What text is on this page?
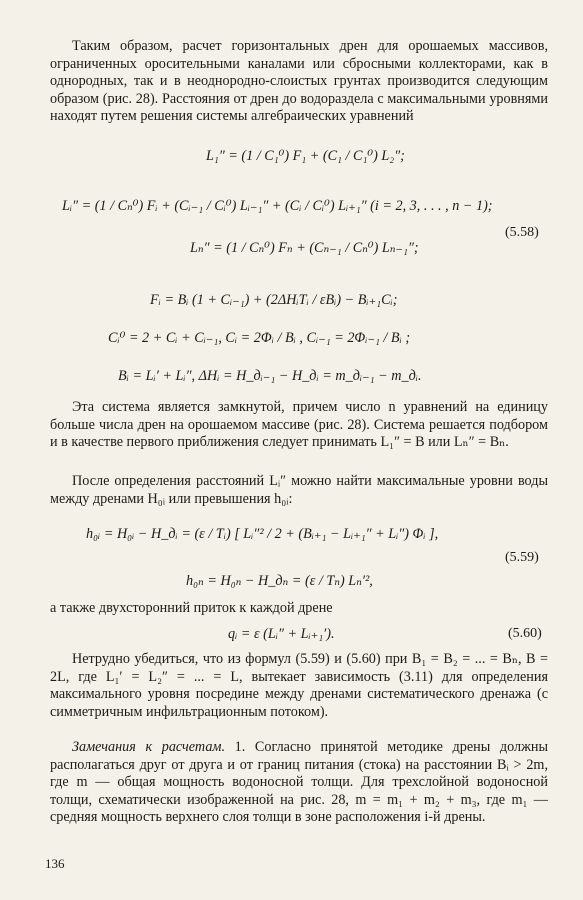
Таким образом, расчет горизонтальных дрен для орошаемых массивов, ограниченных оросительными каналами или сбросными коллекторами, как в однородных, так и в неоднородно-слоистых грунтах производится следующим образом (рис. 28). Расстояния от дрен до водораздела с максимальными уровнями находят путем решения системы алгебраических уравнений
L₁″ = (1 / C₁⁰) F₁ + (C₁ / C₁⁰) L₂″;
Lᵢ″ = (1 / Cₙ⁰) Fᵢ + (Cᵢ₋₁ / Cᵢ⁰) Lᵢ₋₁″ + (Cᵢ / Cᵢ⁰) Lᵢ₊₁″ (i = 2, 3, . . . , n − 1);
Lₙ″ = (1 / Cₙ⁰) Fₙ + (Cₙ₋₁ / Cₙ⁰) Lₙ₋₁″;
(5.58)
Fᵢ = Bᵢ (1 + Cᵢ₋₁) + (2ΔHᵢTᵢ / εBᵢ) − Bᵢ₊₁Cᵢ;
Cᵢ⁰ = 2 + Cᵢ + Cᵢ₋₁, Cᵢ = 2Φᵢ / Bᵢ , Cᵢ₋₁ = 2Φᵢ₋₁ / Bᵢ ;
Bᵢ = Lᵢ′ + Lᵢ″, ΔHᵢ = H_дᵢ₋₁ − H_дᵢ = m_дᵢ₋₁ − m_дᵢ.
Эта система является замкнутой, причем число n уравнений на единицу больше числа дрен на орошаемом массиве (рис. 28). Система решается подбором и в качестве первого приближения следует принимать L₁″ = B или Lₙ″ = Bₙ.
После определения расстояний Lᵢ″ можно найти максимальные уровни воды между дренами H₀ᵢ или превышения h₀ᵢ:
h₀ᵢ = H₀ᵢ − H_дᵢ = (ε / Tᵢ) [ Lᵢ″² / 2 + (Bᵢ₊₁ − Lᵢ₊₁″ + Lᵢ″) Φᵢ ],
h₀ₙ = H₀ₙ − H_дₙ = (ε / Tₙ) Lₙ′²,
(5.59)
а также двухсторонний приток к каждой дрене
qᵢ = ε (Lᵢ″ + Lᵢ₊₁′).	(5.60)
Нетрудно убедиться, что из формул (5.59) и (5.60) при B₁ = B₂ = ... = Bₙ, B = 2L, где L₁′ = L₂″ = ... = L, вытекает зависимость (3.11) для определения максимального уровня посредине между дренами систематического дренажа (с симметричным инфильтрационным потоком).
Замечания к расчетам. 1. Согласно принятой методике дрены должны располагаться друг от друга и от границ питания (стока) на расстоянии Bᵢ > 2m, где m — общая мощность водоносной толщи. Для трехслойной водоносной толщи, схематически изображенной на рис. 28, m = m₁ + m₂ + m₃, где m₁ — средняя мощность верхнего слоя толщи в зоне расположения i-й дрены.
136
